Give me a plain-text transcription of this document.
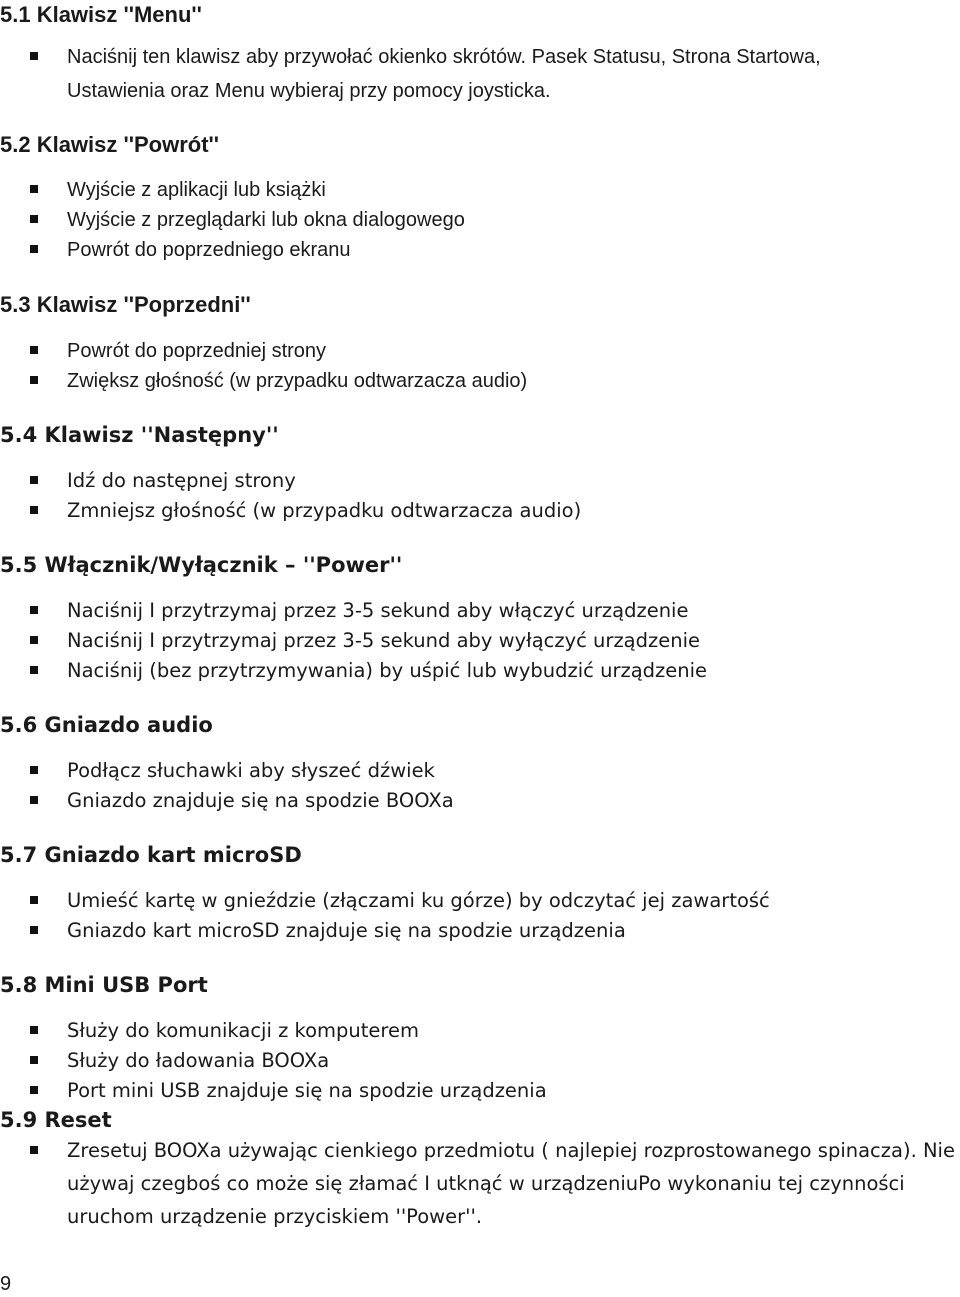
5.1 Klawisz ''Menu''
Naciśnij ten klawisz aby przywołać okienko skrótów. Pasek Statusu, Strona Startowa,
Ustawienia oraz Menu wybieraj przy pomocy joysticka.
5.2 Klawisz ''Powrót''
Wyjście z aplikacji lub książki
Wyjście z przeglądarki lub okna dialogowego
Powrót do poprzedniego ekranu
5.3 Klawisz ''Poprzedni''
Powrót do poprzedniej strony
Zwiększ głośność (w przypadku odtwarzacza audio)
5.4 Klawisz ''Następny''
Idź do następnej strony
Zmniejsz głośność (w przypadku odtwarzacza audio)
5.5 Włącznik/Wyłącznik – ''Power''
Naciśnij I przytrzymaj przez 3-5 sekund aby włączyć urządzenie
Naciśnij I przytrzymaj przez 3-5 sekund aby wyłączyć urządzenie
Naciśnij (bez przytrzymywania) by uśpić lub wybudzić urządzenie
5.6 Gniazdo audio
Podłącz słuchawki aby słyszeć dźwiek
Gniazdo znajduje się na spodzie BOOXa
5.7 Gniazdo kart microSD
Umieść kartę w gnieździe (złączami ku górze) by odczytać jej zawartość
Gniazdo kart microSD znajduje się na spodzie urządzenia
5.8 Mini USB Port
Służy do komunikacji z komputerem
Służy do ładowania BOOXa
Port mini USB znajduje się na spodzie urządzenia
5.9 Reset
Zresetuj BOOXa używając cienkiego przedmiotu ( najlepiej rozprostowanego spinacza). Nie używaj czegboś co może się złamać I utknąć w urządzeniuPo wykonaniu tej czynności uruchom urządzenie przyciskiem ''Power''.
9
